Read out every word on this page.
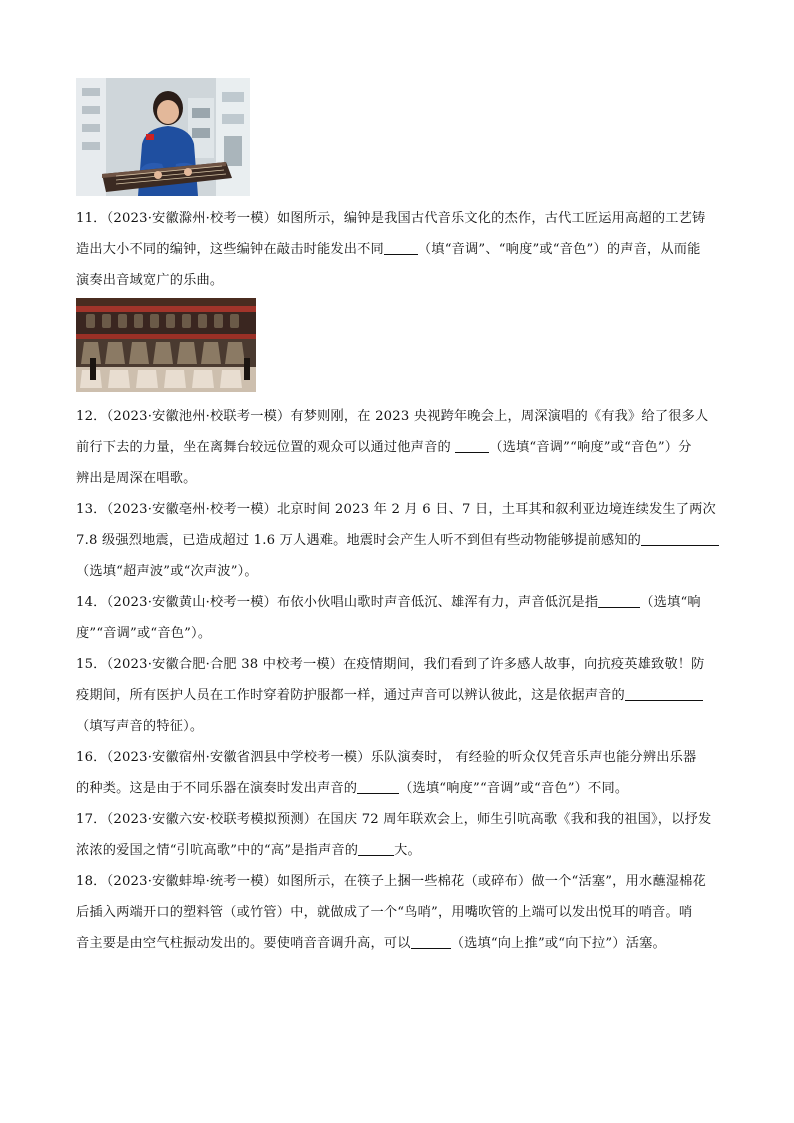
11．（2023·安徽滁州·校考一模）如图所示，编钟是我国古代音乐文化的杰作，古代工匠运用高超的工艺铸

造出大小不同的编钟，这些编钟在敲击时能发出不同	（填“音调”、“响度”或“音色”）的声音，从而能

演奏出音域宽广的乐曲。

12．（2023·安徽池州·校联考一模）有梦则刚，在 2023 央视跨年晚会上，周深演唱的《有我》给了很多人

前行下去的力量，坐在离舞台较远位置的观众可以通过他声音的	（选填“音调”“响度”或“音色”）分

辨出是周深在唱歌。

13．（2023·安徽亳州·校考一模）北京时间 2023 年 2 月 6 日、7 日，土耳其和叙利亚边境连续发生了两次

7.8 级强烈地震，已造成超过 1.6 万人遇难。地震时会产生人听不到但有些动物能够提前感知的

（选填“超声波”或“次声波”）。

14．（2023·安徽黄山·校考一模）布依小伙唱山歌时声音低沉、雄浑有力，声音低沉是指	（选填“响

度”“音调”或“音色”）。

15．（2023·安徽合肥·合肥 38 中校考一模）在疫情期间，我们看到了许多感人故事，向抗疫英雄致敬！防

疫期间，所有医护人员在工作时穿着防护服都一样，通过声音可以辨认彼此，这是依据声音的

（填写声音的特征）。

16．（2023·安徽宿州·安徽省泗县中学校考一模）乐队演奏时， 有经验的听众仅凭音乐声也能分辨出乐器

的种类。这是由于不同乐器在演奏时发出声音的	（选填“响度”“音调”或“音色”）不同。

17．（2023·安徽六安·校联考模拟预测）在国庆 72 周年联欢会上，师生引吭高歌《我和我的祖国》，以抒发

浓浓的爱国之情“引吭高歌”中的“高”是指声音的	大。

18．（2023·安徽蚌埠·统考一模）如图所示，在筷子上捆一些棉花（或碎布）做一个“活塞”，用水蘸湿棉花

后插入两端开口的塑料管（或竹管）中，就做成了一个“鸟哨”，用嘴吹管的上端可以发出悦耳的哨音。哨

音主要是由空气柱振动发出的。要使哨音音调升高，可以	（选填“向上推”或“向下拉”）活塞。
